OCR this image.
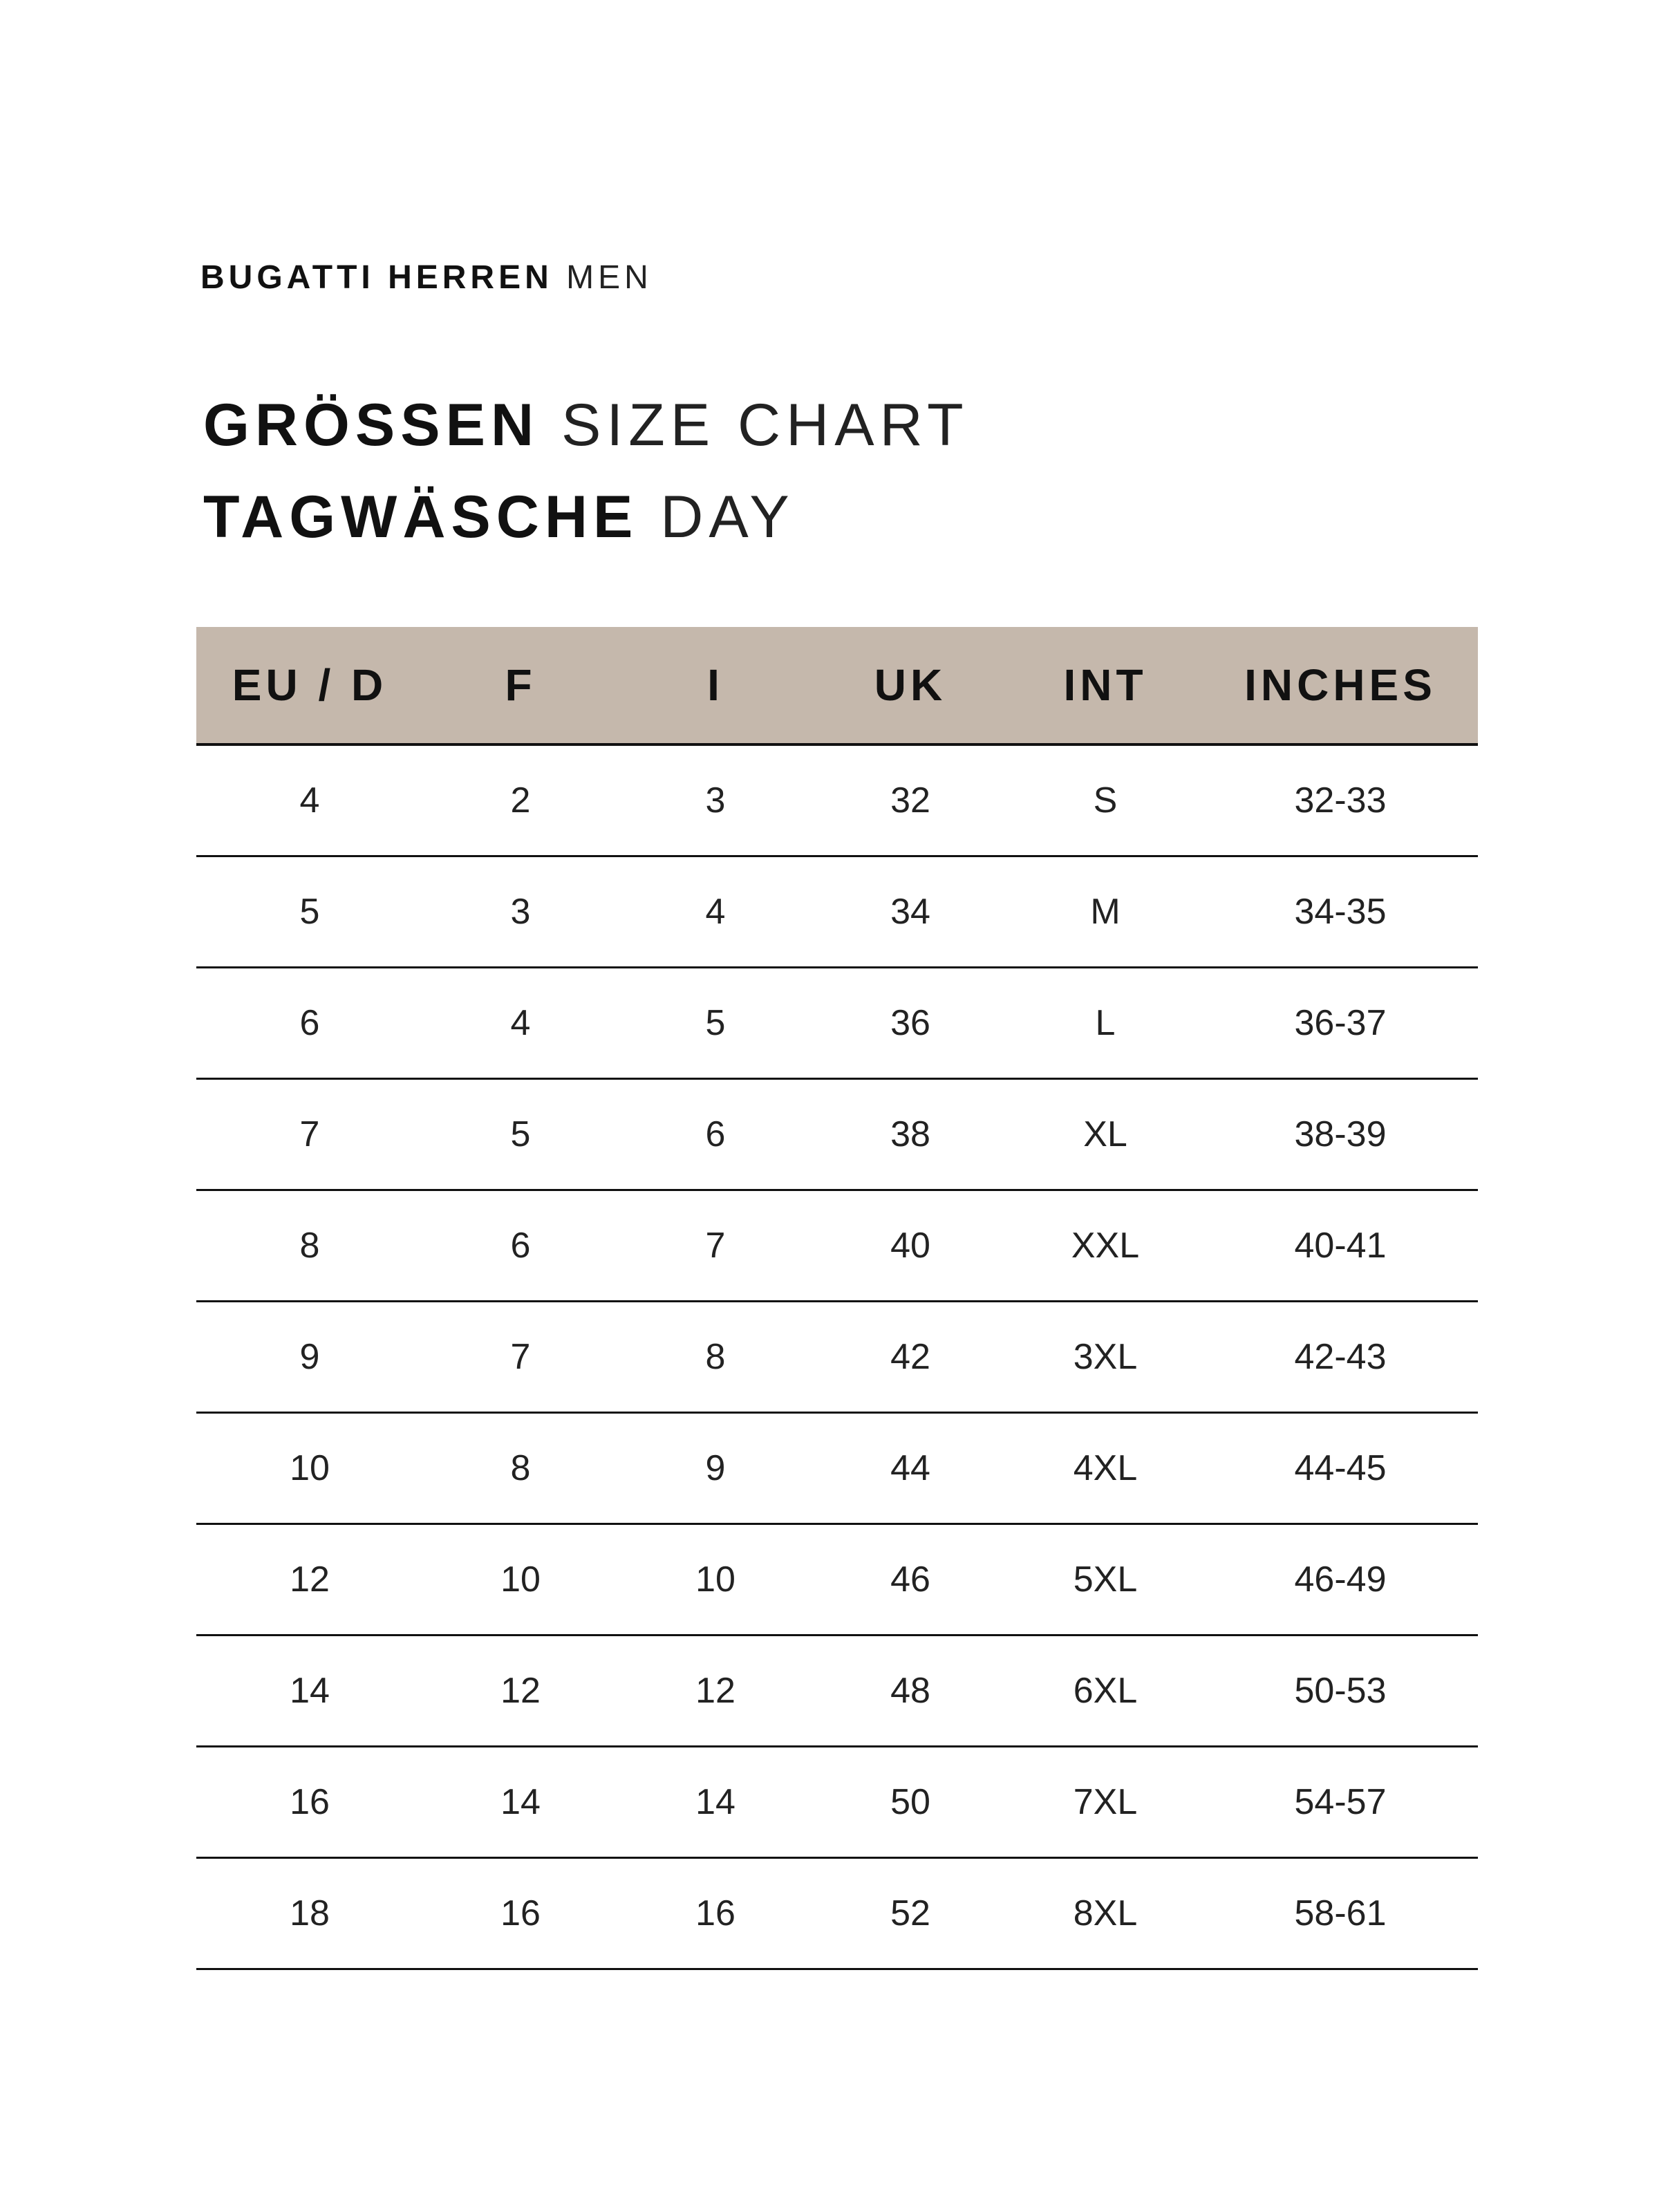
BUGATTI HERREN MEN
GRÖSSEN SIZE CHART
TAGWÄSCHE DAY
EU / D	F	I	UK	INT	INCHES
4	2	3	32	S	32-33
5	3	4	34	M	34-35
6	4	5	36	L	36-37
7	5	6	38	XL	38-39
8	6	7	40	XXL	40-41
9	7	8	42	3XL	42-43
10	8	9	44	4XL	44-45
12	10	10	46	5XL	46-49
14	12	12	48	6XL	50-53
16	14	14	50	7XL	54-57
18	16	16	52	8XL	58-61
